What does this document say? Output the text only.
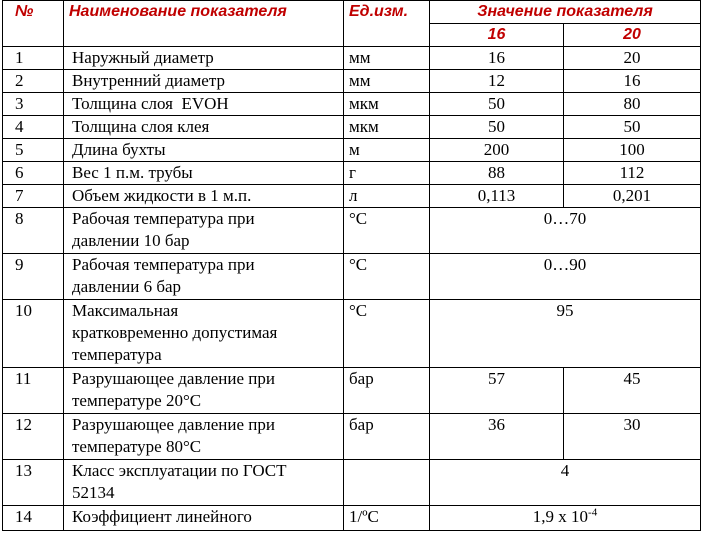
№	Наименование показателя	Ед.изм.	Значение показателя	
			16	20
1	Наружный диаметр	мм	16	20
2	Внутренний диаметр	мм	12	16
3	Толщина слоя  EVOH	мкм	50	80
4	Толщина слоя клея	мкм	50	50
5	Длина бухты	м	200	100
6	Вес 1 п.м. трубы	г	88	112
7	Объем жидкости в 1 м.п.	л	0,113	0,201
8	Рабочая температура при
давлении 10 бар	°С	0…70	
9	Рабочая температура при
давлении 6 бар	°С	0…90	
10	Максимальная
кратковременно допустимая
температура	°С	95	
11	Разрушающее давление при
температуре 20°С	бар	57	45
12	Разрушающее давление при
температуре 80°С	бар	36	30
13	Класс эксплуатации по ГОСТ
52134		4	
14	Коэффициент линейного	1/ºС	1,9 х $10^{-4}$
